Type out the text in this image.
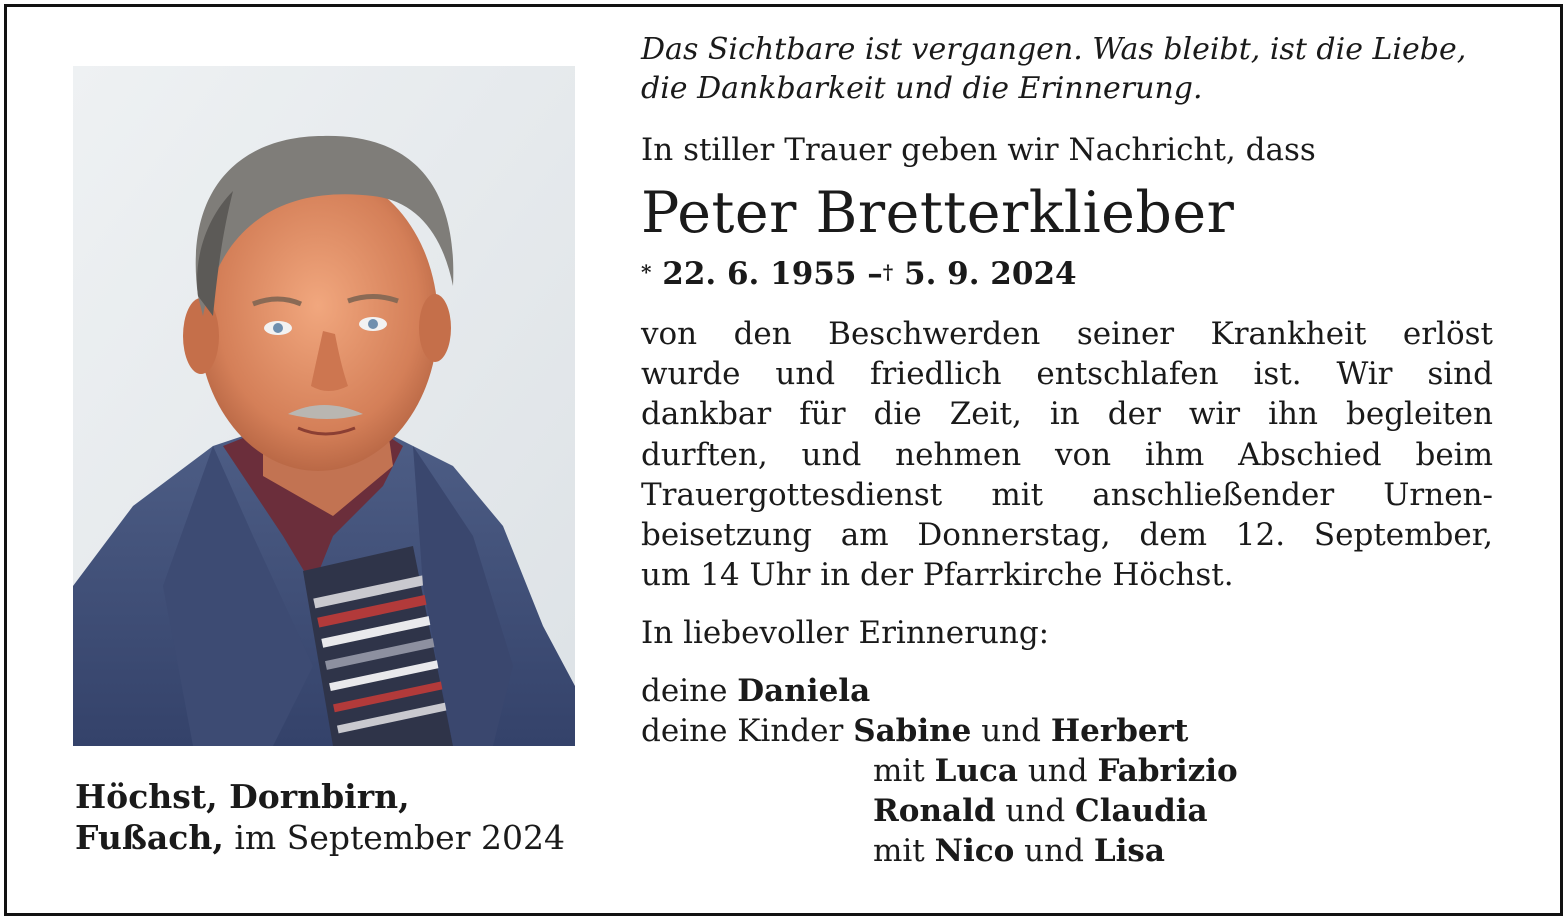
Höchst, Dornbirn,
Fußach, im September 2024
Das Sichtbare ist vergangen. Was bleibt, ist die Liebe,
die Dankbarkeit und die Erinnerung.
In stiller Trauer geben wir Nachricht, dass
Peter Bretterklieber
* 22. 6. 1955 –† 5. 9. 2024
von den Beschwerden seiner Krankheit erlöst
wurde und friedlich entschlafen ist. Wir sind
dankbar für die Zeit, in der wir ihn begleiten
durften, und nehmen von ihm Abschied beim
Trauergottesdienst mit anschließender Urnen-
beisetzung am Donnerstag, dem 12. September,
um 14 Uhr in der Pfarrkirche Höchst.
In liebevoller Erinnerung:
deine Daniela
deine Kinder Sabine und Herbert
mit Luca und Fabrizio
Ronald und Claudia
mit Nico und Lisa
